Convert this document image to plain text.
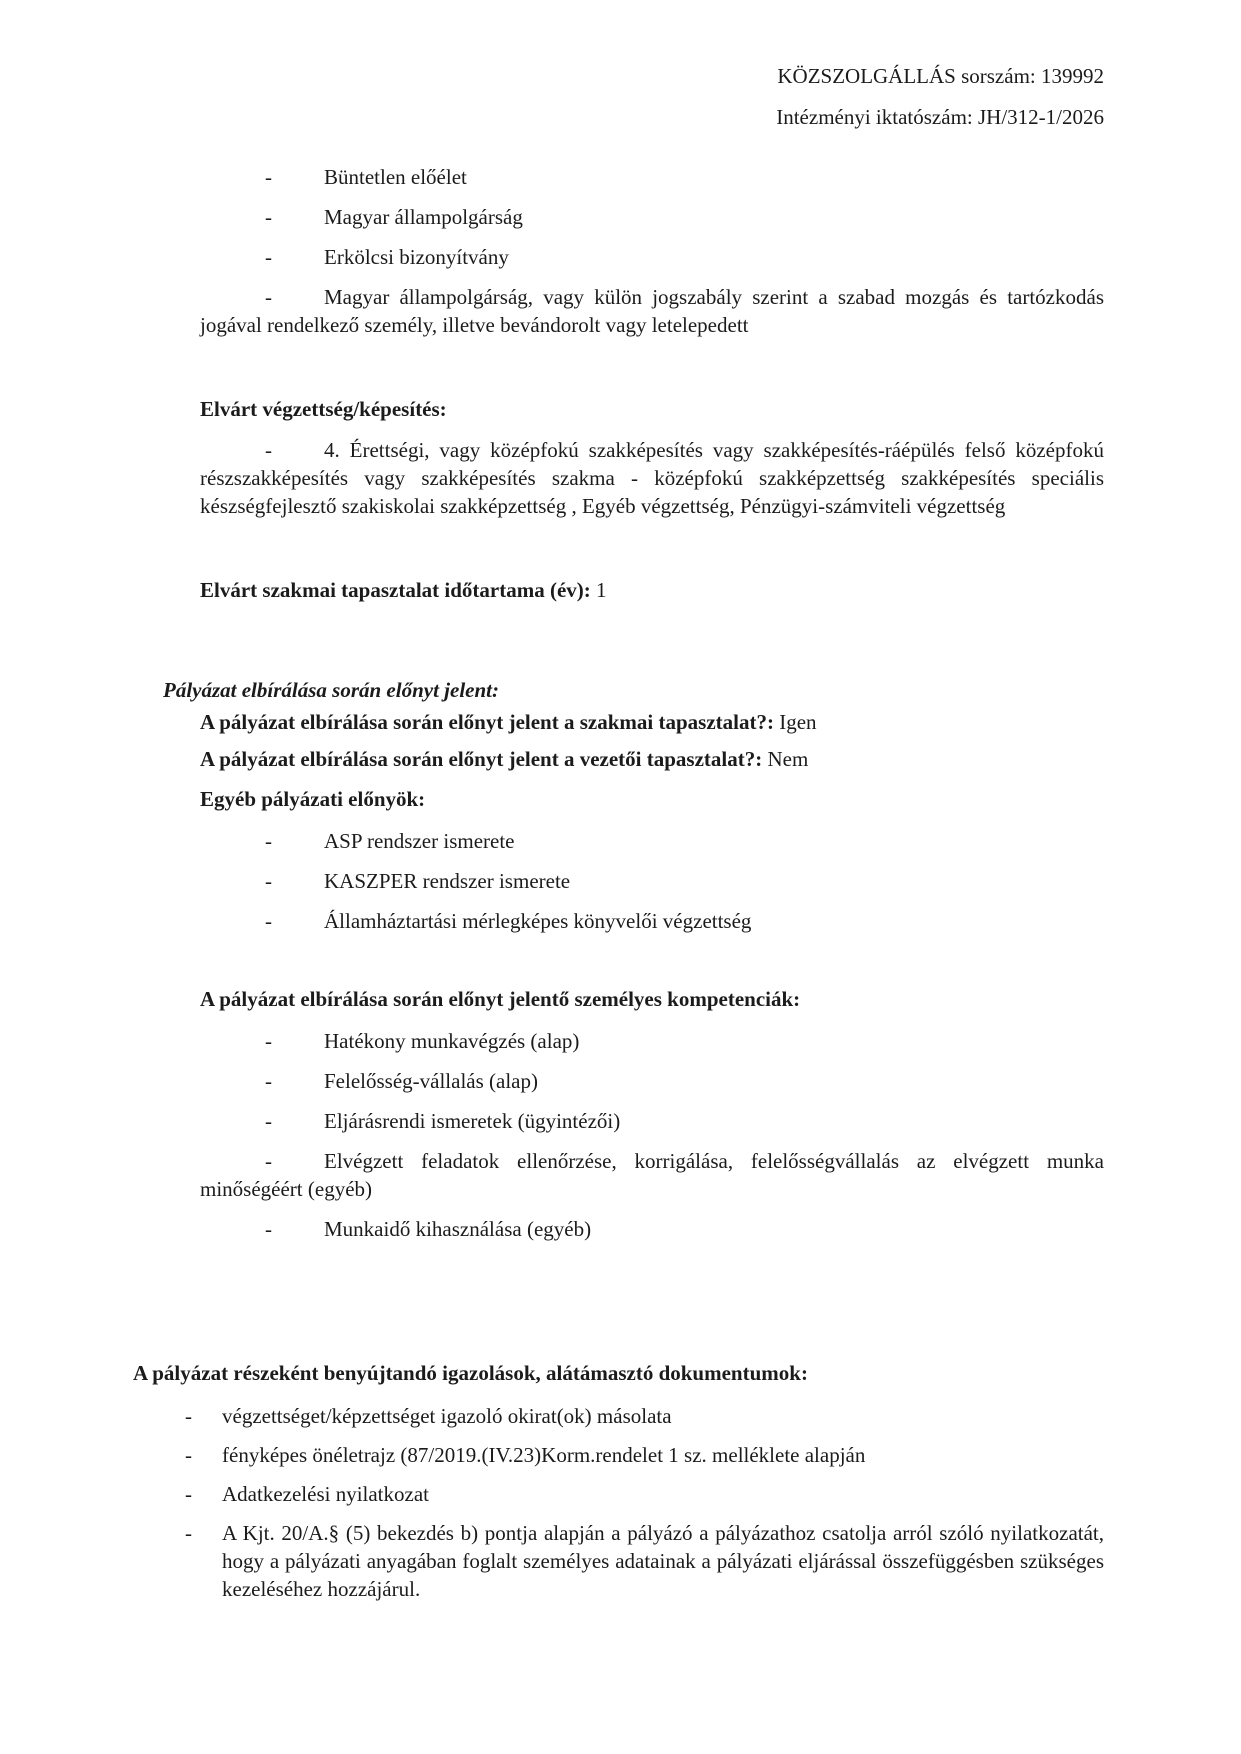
KÖZSZOLGÁLLÁS sorszám: 139992

Intézményi iktatószám: JH/312-1/2026

- Büntetlen előélet
- Magyar állampolgárság
- Erkölcsi bizonyítvány
- Magyar állampolgárság, vagy külön jogszabály szerint a szabad mozgás és tartózkodás jogával rendelkező személy, illetve bevándorolt vagy letelepedett

Elvárt végzettség/képesítés:

- 4. Érettségi, vagy középfokú szakképesítés vagy szakképesítés-ráépülés felső középfokú részszakképesítés vagy szakképesítés szakma - középfokú szakképzettség szakképesítés speciális készségfejlesztő szakiskolai szakképzettség , Egyéb végzettség, Pénzügyi-számviteli végzettség

Elvárt szakmai tapasztalat időtartama (év): 1

Pályázat elbírálása során előnyt jelent:

A pályázat elbírálása során előnyt jelent a szakmai tapasztalat?: Igen

A pályázat elbírálása során előnyt jelent a vezetői tapasztalat?: Nem

Egyéb pályázati előnyök:

- ASP rendszer ismerete
- KASZPER rendszer ismerete
- Államháztartási mérlegképes könyvelői végzettség

A pályázat elbírálása során előnyt jelentő személyes kompetenciák:

- Hatékony munkavégzés (alap)
- Felelősség-vállalás (alap)
- Eljárásrendi ismeretek (ügyintézői)
- Elvégzett feladatok ellenőrzése, korrigálása, felelősségvállalás az elvégzett munka minőségéért (egyéb)
- Munkaidő kihasználása (egyéb)

A pályázat részeként benyújtandó igazolások, alátámasztó dokumentumok:

- végzettséget/képzettséget igazoló okirat(ok) másolata
- fényképes önéletrajz (87/2019.(IV.23)Korm.rendelet 1 sz. melléklete alapján
- Adatkezelési nyilatkozat
- A Kjt. 20/A.§ (5) bekezdés b) pontja alapján a pályázó a pályázathoz csatolja arról szóló nyilatkozatát, hogy a pályázati anyagában foglalt személyes adatainak a pályázati eljárással összefüggésben szükséges kezeléséhez hozzájárul.
